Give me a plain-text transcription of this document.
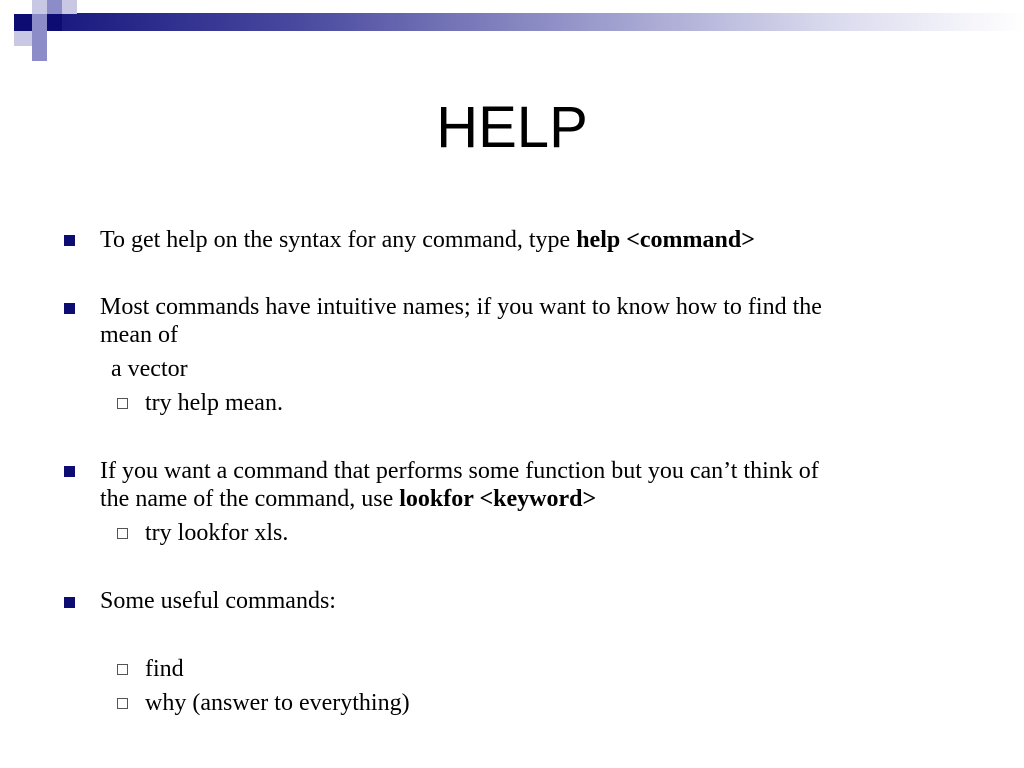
HELP
To get help on the syntax for any command, type help <command>
Most commands have intuitive names; if you want to know how to find the
mean of
a vector
try help mean.
If you want a command that performs some function but you can’t think of
the name of the command, use lookfor <keyword>
try lookfor xls.
Some useful commands:
find
why (answer to everything)
